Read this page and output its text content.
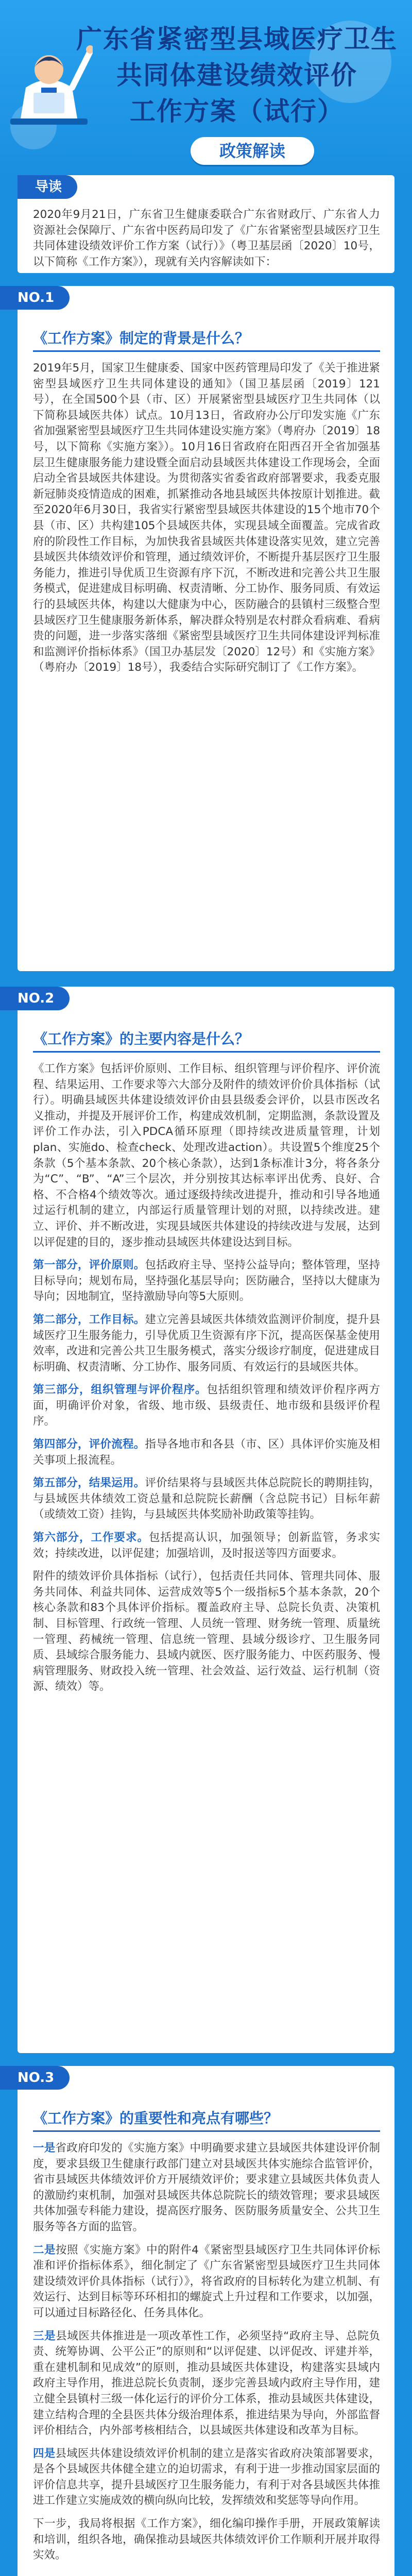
广东省紧密型县域医疗卫生
共同体建设绩效评价
工作方案（试行）
政策解读
导读

2020年9月21日，广东省卫生健康委联合广东省财政厅、广东省人力资源社会保障厅、广东省中医药局印发了《广东省紧密型县域医疗卫生共同体建设绩效评价工作方案（试行）》（粤卫基层函〔2020〕10号，以下简称《工作方案》），现就有关内容解读如下：

NO.1
《工作方案》制定的背景是什么？

2019年5月，国家卫生健康委、国家中医药管理局印发了《关于推进紧密型县域医疗卫生共同体建设的通知》（国卫基层函〔2019〕121号），在全国500个县（市、区）开展紧密型县域医疗卫生共同体（以下简称县域医共体）试点。10月13日，省政府办公厅印发实施《广东省加强紧密型县域医疗卫生共同体建设实施方案》（粤府办〔2019〕18号，以下简称《实施方案》）。10月16日省政府在阳西召开全省加强基层卫生健康服务能力建设暨全面启动县域医共体建设工作现场会，全面启动全省县域医共体建设。为贯彻落实省委省政府部署要求，我委克服新冠肺炎疫情造成的困难，抓紧推动各地县域医共体按原计划推进。截至2020年6月30日，我省实行紧密型县域医共体建设的15个地市70个县（市、区）共构建105个县域医共体，实现县域全面覆盖。完成省政府的阶段性工作目标，为加快我省县域医共体建设落实见效，建立完善县域医共体绩效评价和管理，通过绩效评价，不断提升基层医疗卫生服务能力，推进引导优质卫生资源有序下沉，不断改进和完善公共卫生服务模式，促进建成目标明确、权责清晰、分工协作、服务同质、有效运行的县域医共体，构建以大健康为中心，医防融合的县镇村三级整合型县域医疗卫生健康服务新体系，解决群众特别是农村群众看病难、看病贵的问题，进一步落实落细《紧密型县域医疗卫生共同体建设评判标准和监测评价指标体系》（国卫办基层发〔2020〕12号）和《实施方案》（粤府办〔2019〕18号），我委结合实际研究制订了《工作方案》。

NO.2
《工作方案》的主要内容是什么？

《工作方案》包括评价原则、工作目标、组织管理与评价程序、评价流程、结果运用、工作要求等六大部分及附件的绩效评价价具体指标（试行）。明确县域医共体建设绩效评价由县县级委会评价，以县市医改名义推动，并提及开展评价工作，构建成效机制，定期监测，条款设置及评价工作办法，引入PDCA循环原理（即持续改进质量管理，计划plan、实施do、检查check、处理改进action）。共设置5个维度25个条款（5个基本条款、20个核心条款），达到1条标准计3分，将各条分为“C”、“B”、“A”三个层次，并分别按其达标率评出优秀、良好、合格、不合格4个绩效等次。通过逐级持续改进提升，推动和引导各地通过运行机制的建立，内部运行质量管理计划的对照，以持续改进。建立、评价、并不断改进，实现县域医共体建设的持续改进与发展，达到以评促建的目的，逐步推动县域医共体建设达到目标。

第一部分，评价原则。包括政府主导、坚持公益导向；整体管理，坚持目标导向；规划布局，坚持强化基层导向；医防融合，坚持以大健康为导向；因地制宜，坚持激励导向等5大原则。

第二部分，工作目标。建立完善县域医共体绩效监测评价制度，提升县域医疗卫生服务能力，引导优质卫生资源有序下沉，提高医保基金使用效率，改进和完善公共卫生服务模式，落实分级诊疗制度，促进建成目标明确、权责清晰、分工协作、服务同质、有效运行的县域医共体。

第三部分，组织管理与评价程序。包括组织管理和绩效评价程序两方面，明确评价对象，省级、地市级、县级责任、地市级和县级评价程序。

第四部分，评价流程。指导各地市和各县（市、区）具体评价实施及相关事项上报流程。

第五部分，结果运用。评价结果将与县域医共体总院院长的聘期挂钩，与县域医共体绩效工资总量和总院院长薪酬（含总院书记）目标年薪（或绩效工资）挂钩，与县域医共体奖励补助政策等挂钩。

第六部分，工作要求。包括提高认识，加强领导；创新监管，务求实效；持续改进，以评促建；加强培训，及时报送等四方面要求。

附件的绩效评价具体指标（试行），包括责任共同体、管理共同体、服务共同体、利益共同体、运营成效等5个一级指标5个基本条款，20个核心条款和83个具体评价指标。覆盖政府主导、总院长负责、决策机制、目标管理、行政统一管理、人员统一管理、财务统一管理、质量统一管理、药械统一管理、信息统一管理、县域分级诊疗、卫生服务同质、县域综合服务能力、县域内就医、医疗服务能力、中医药服务、慢病管理服务、财政投入统一管理、社会效益、运行效益、运行机制（资源、绩效）等。

NO.3
《工作方案》的重要性和亮点有哪些？

一是省政府印发的《实施方案》中明确要求建立县域医共体建设评价制度，要求县级卫生健康行政部门建立对县域医共体实施综合监管评价，省市县域医共体绩效评价方开展绩效评价；要求建立县域医共体负责人的激励约束机制，加强对县域医共体总院院长的绩效管理；要求县域医共体加强专科能力建设，提高医疗服务、医防服务质量安全、公共卫生服务等各方面的监管。

二是按照《实施方案》中的附件4《紧密型县域医疗卫生共同体评价标准和评价指标体系》，细化制定了《广东省紧密型县域医疗卫生共同体建设绩效评价具体指标（试行）》，将省政府的目标转化为建立机制、有效运行、达到目标等环环相扣的螺旋式上升过程和工作要求，以加强，可以通过目标路径化、任务具体化。

三是县域医共体推进是一项改革性工作，必须坚持“政府主导、总院负责、统筹协调、公平公正”的原则和“以评促建、以评促改、评建并举，重在建机制和见成效”的原则，推动县域医共体建设，构建落实县域内政府主导作用，推进总院长负责制，逐步完善县域内政府主导作用，建立健全县镇村三级一体化运行的评价分工体系，推动县域医共体建设，建立结构合理的全县医共体分级治理体系，推进结果为导向，外部监督评价相结合，内外部考核相结合，以县域医共体建设和改革为目标。

四是县域医共体建设绩效评价机制的建立是落实省政府决策部署要求，是各个县域医共体健全建立的迫切需求，有利于进一步推动国家层面的评价信息共享，提升县域医疗卫生服务能力，有利于对各县域医共体推进工作建立实施成效的横向纵向比较，发挥绩效和奖惩等导向作用。

下一步，我局将根据《工作方案》，细化编印操作手册，开展政策解读和培训，组织各地，确保推动县域医共体绩效评价工作顺利开展并取得实效。
